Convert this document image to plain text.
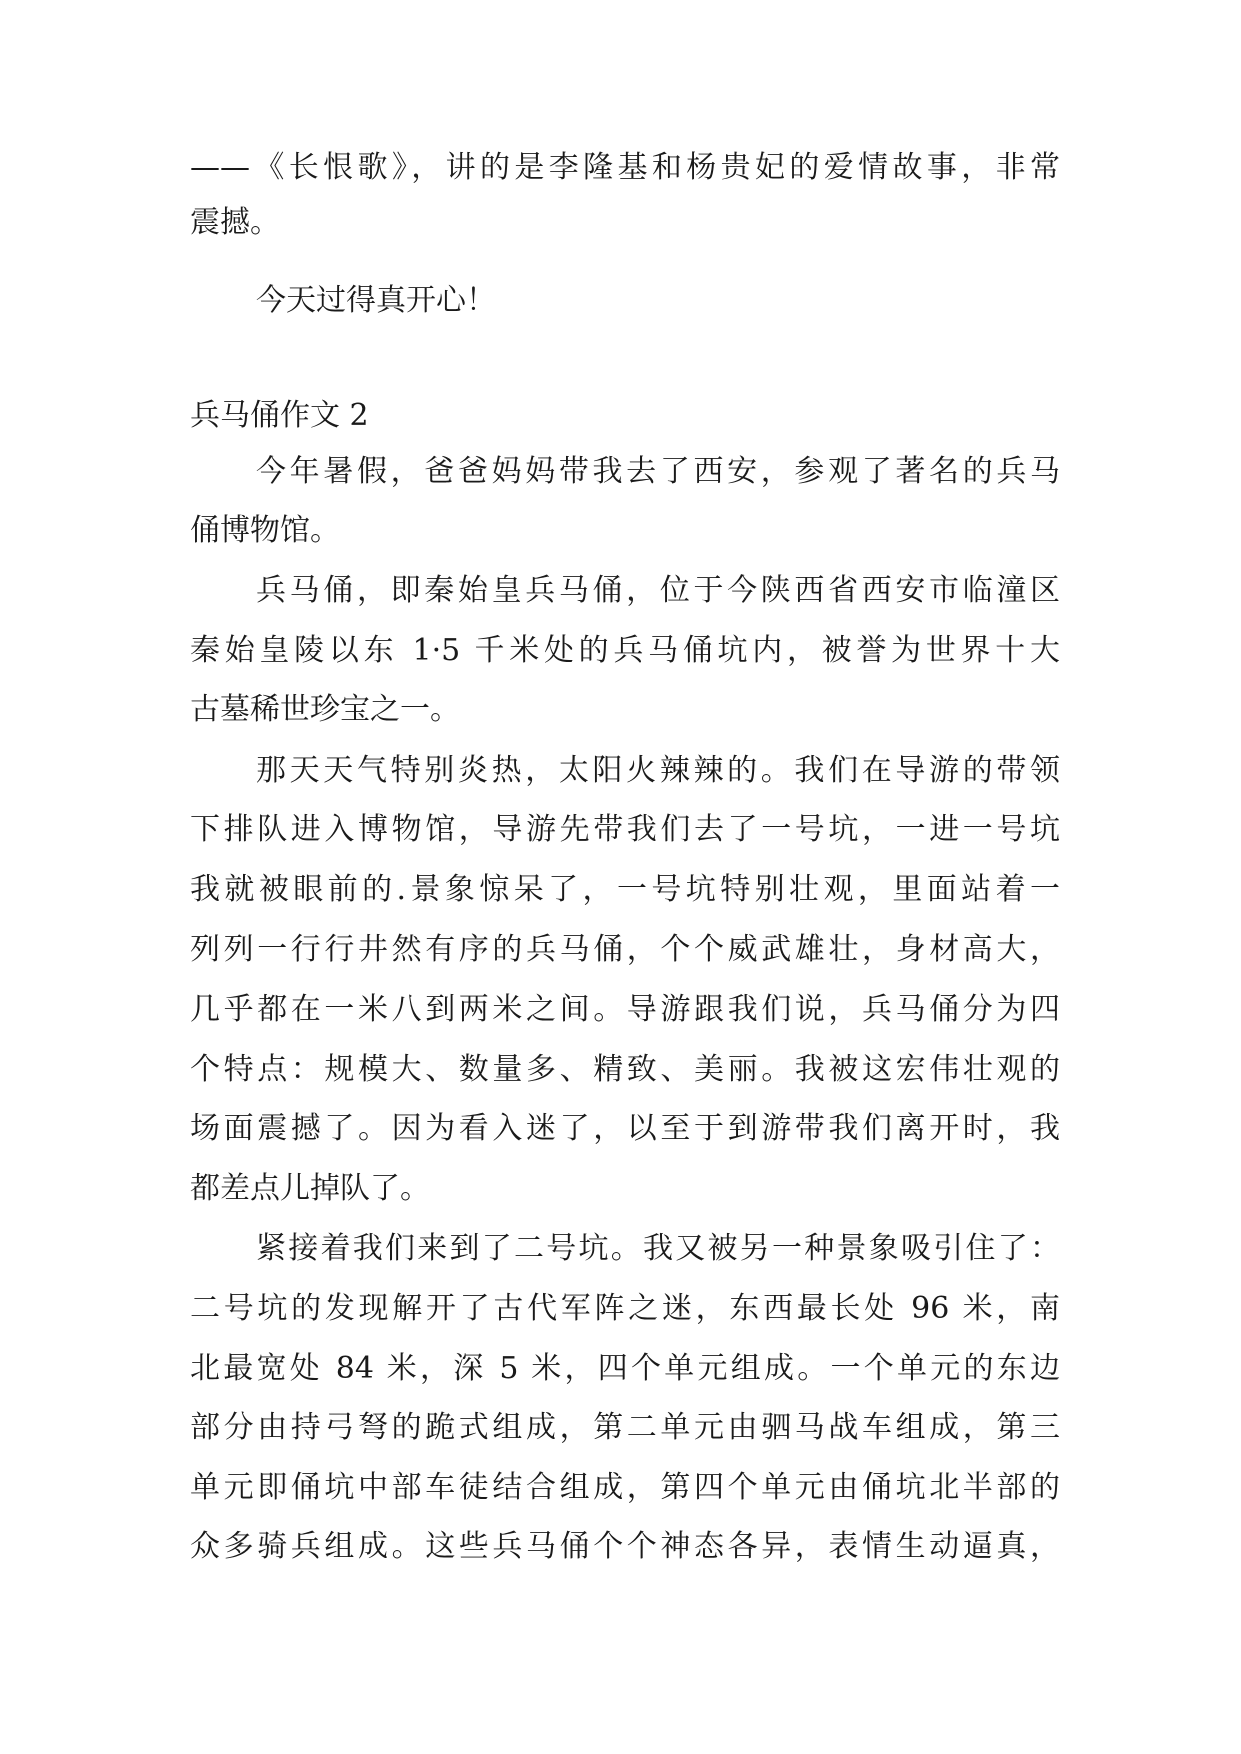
——《长恨歌》，讲的是李隆基和杨贵妃的爱情故事，非常
震撼。
今天过得真开心！
兵马俑作文 2
今年暑假，爸爸妈妈带我去了西安，参观了著名的兵马
俑博物馆。
兵马俑，即秦始皇兵马俑，位于今陕西省西安市临潼区
秦始皇陵以东 1·5 千米处的兵马俑坑内，被誉为世界十大
古墓稀世珍宝之一。
那天天气特别炎热，太阳火辣辣的。我们在导游的带领
下排队进入博物馆，导游先带我们去了一号坑，一进一号坑
我就被眼前的.景象惊呆了，一号坑特别壮观，里面站着一
列列一行行井然有序的兵马俑，个个威武雄壮，身材高大，
几乎都在一米八到两米之间。导游跟我们说，兵马俑分为四
个特点：规模大、数量多、精致、美丽。我被这宏伟壮观的
场面震撼了。因为看入迷了，以至于到游带我们离开时，我
都差点儿掉队了。
紧接着我们来到了二号坑。我又被另一种景象吸引住了：
二号坑的发现解开了古代军阵之迷，东西最长处 96 米，南
北最宽处 84 米，深 5 米，四个单元组成。一个单元的东边
部分由持弓弩的跪式组成，第二单元由驷马战车组成，第三
单元即俑坑中部车徒结合组成，第四个单元由俑坑北半部的
众多骑兵组成。这些兵马俑个个神态各异，表情生动逼真，
